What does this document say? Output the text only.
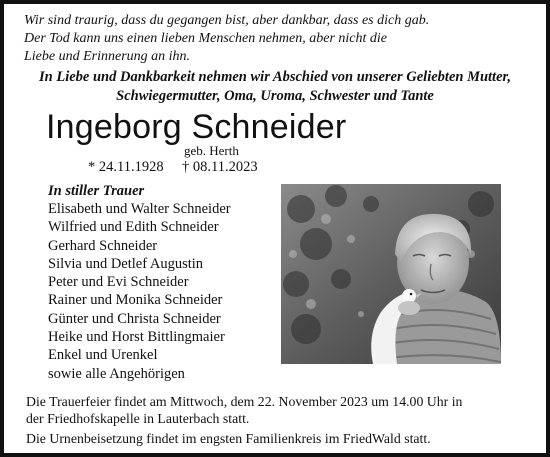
Wir sind traurig, dass du gegangen bist, aber dankbar, dass es dich gab.
Der Tod kann uns einen lieben Menschen nehmen, aber nicht die
Liebe und Erinnerung an ihn.
In Liebe und Dankbarkeit nehmen wir Abschied von unserer Geliebten Mutter,
Schwiegermutter, Oma, Uroma, Schwester und Tante
Ingeborg Schneider
geb. Herth
* 24.11.1928 † 08.11.2023
In stiller Trauer
Elisabeth und Walter Schneider
Wilfried und Edith Schneider
Gerhard Schneider
Silvia und Detlef Augustin
Peter und Evi Schneider
Rainer und Monika Schneider
Günter und Christa Schneider
Heike und Horst Bittlingmaier
Enkel und Urenkel
sowie alle Angehörigen
Die Trauerfeier findet am Mittwoch, dem 22. November 2023 um 14.00 Uhr in
der Friedhofskapelle in Lauterbach statt.
Die Urnenbeisetzung findet im engsten Familienkreis im FriedWald statt.
